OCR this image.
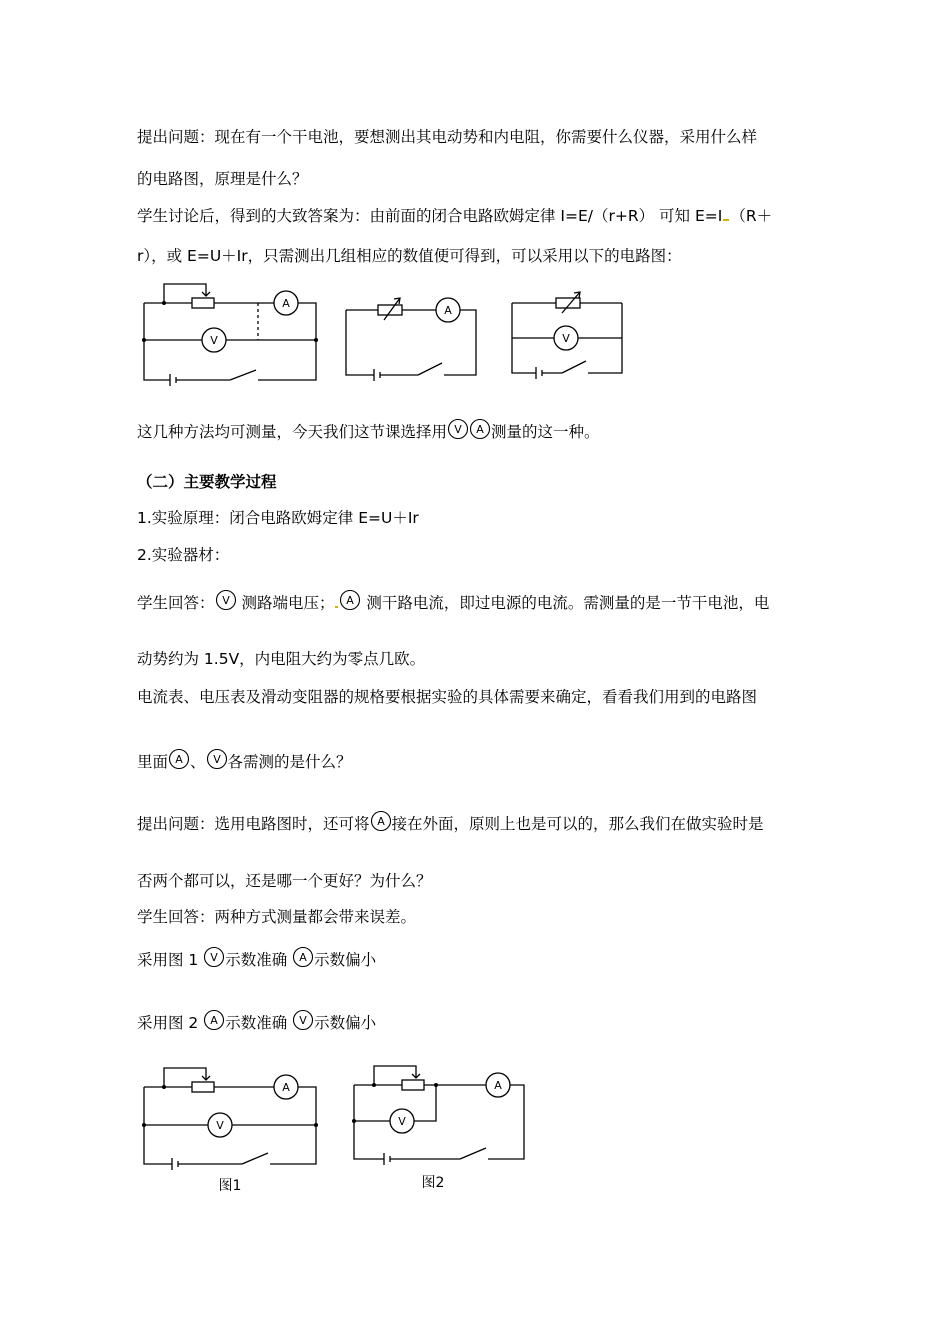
提出问题：现在有一个干电池，要想测出其电动势和内电阻，你需要什么仪器，采用什么样
的电路图，原理是什么？
学生讨论后，得到的大致答案为：由前面的闭合电路欧姆定律 I=E/（r+R） 可知 E=I （R＋
r），或 E=U＋Ir，只需测出几组相应的数值便可得到，可以采用以下的电路图：
V
A
A
V
这几种方法均可测量，今天我们这节课选择用 V A 测量的这一种。
（二）主要教学过程
1.实验原理：闭合电路欧姆定律 E=U＋Ir
2.实验器材：
学生回答： V 测路端电压； A 测干路电流，即过电源的电流。需测量的是一节干电池，电
动势约为 1.5V，内电阻大约为零点几欧。
电流表、电压表及滑动变阻器的规格要根据实验的具体需要来确定，看看我们用到的电路图
里面 A 、 V 各需测的是什么？
提出问题：选用电路图时，还可将 A 接在外面，原则上也是可以的，那么我们在做实验时是
否两个都可以，还是哪一个更好？为什么？
学生回答：两种方式测量都会带来误差。
采用图 1 V 示数准确 A 示数偏小
采用图 2 A 示数准确 V 示数偏小
V
A
V
A
图1	图2
